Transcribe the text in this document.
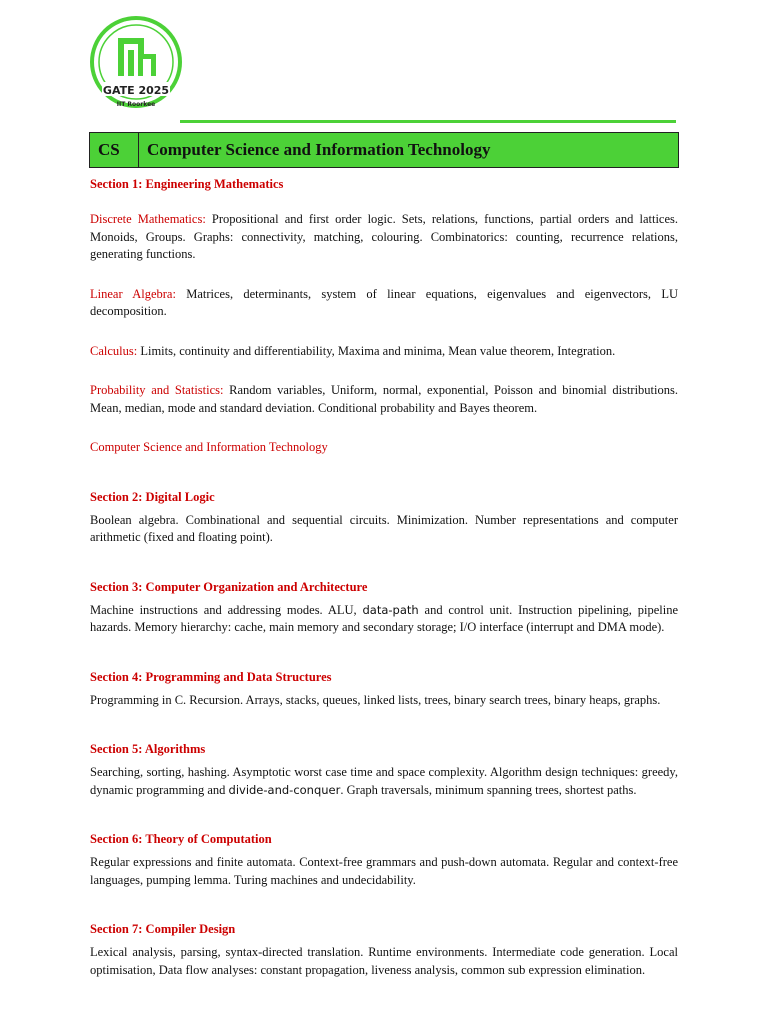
GATE 2025
IIT Roorkee
CS	Computer Science and Information Technology
Section 1: Engineering Mathematics

Discrete Mathematics: Propositional and first order logic. Sets, relations, functions, partial orders and lattices. Monoids, Groups. Graphs: connectivity, matching, colouring. Combinatorics: counting, recurrence relations, generating functions.

Linear Algebra: Matrices, determinants, system of linear equations, eigenvalues and eigenvectors, LU decomposition.

Calculus: Limits, continuity and differentiability, Maxima and minima, Mean value theorem, Integration.

Probability and Statistics: Random variables, Uniform, normal, exponential, Poisson and binomial distributions. Mean, median, mode and standard deviation. Conditional probability and Bayes theorem.

Computer Science and Information Technology

Section 2: Digital Logic

Boolean algebra. Combinational and sequential circuits. Minimization. Number representations and computer arithmetic (fixed and floating point).

Section 3: Computer Organization and Architecture

Machine instructions and addressing modes. ALU, data-path and control unit. Instruction pipelining, pipeline hazards. Memory hierarchy: cache, main memory and secondary storage; I/O interface (interrupt and DMA mode).

Section 4: Programming and Data Structures

Programming in C. Recursion. Arrays, stacks, queues, linked lists, trees, binary search trees, binary heaps, graphs.

Section 5: Algorithms

Searching, sorting, hashing. Asymptotic worst case time and space complexity. Algorithm design techniques: greedy, dynamic programming and divide-and-conquer. Graph traversals, minimum spanning trees, shortest paths.

Section 6: Theory of Computation

Regular expressions and finite automata. Context-free grammars and push-down automata. Regular and context-free languages, pumping lemma. Turing machines and undecidability.

Section 7: Compiler Design

Lexical analysis, parsing, syntax-directed translation. Runtime environments. Intermediate code generation. Local optimisation, Data flow analyses: constant propagation, liveness analysis, common sub expression elimination.
